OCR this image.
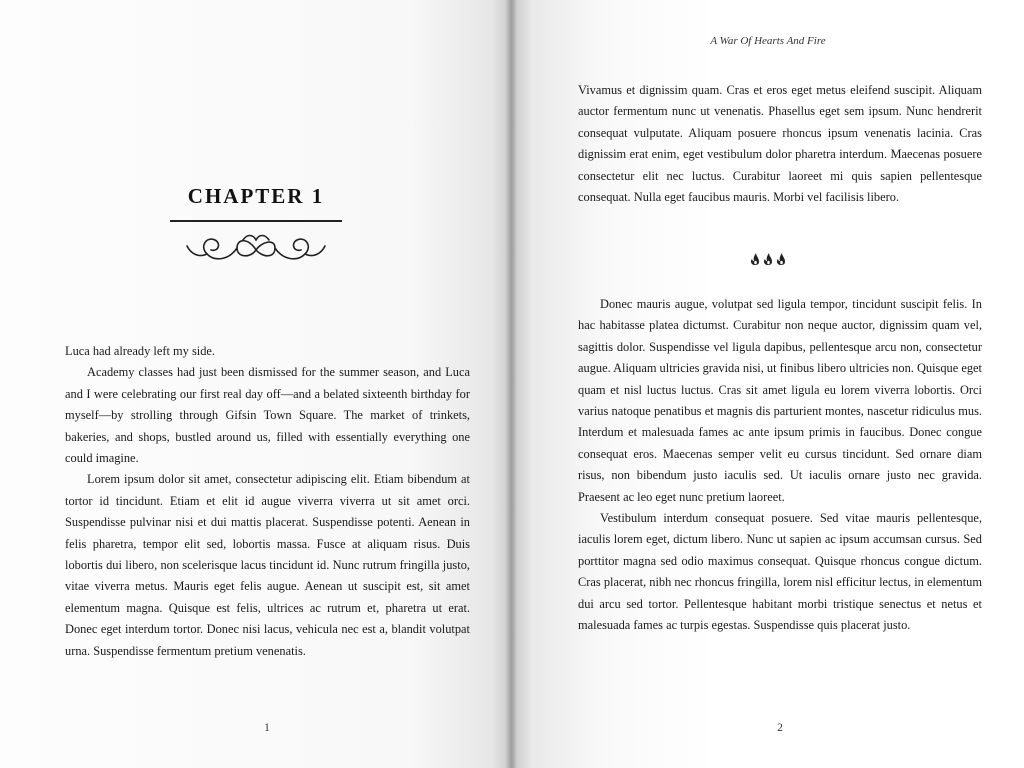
CHAPTER 1

Luca had already left my side.

Academy classes had just been dismissed for the summer season, and Luca and I were celebrating our first real day off—and a belated sixteenth birthday for myself—by strolling through Gifsin Town Square. The market of trinkets, bakeries, and shops, bustled around us, filled with essentially everything one could imagine.

Lorem ipsum dolor sit amet, consectetur adipiscing elit. Etiam bibendum at tortor id tincidunt. Etiam et elit id augue viverra viverra ut sit amet orci. Suspendisse pulvinar nisi et dui mattis placerat. Suspendisse potenti. Aenean in felis pharetra, tempor elit sed, lobortis massa. Fusce at aliquam risus. Duis lobortis dui libero, non scelerisque lacus tincidunt id. Nunc rutrum fringilla justo, vitae viverra metus. Mauris eget felis augue. Aenean ut suscipit est, sit amet elementum magna. Quisque est felis, ultrices ac rutrum et, pharetra ut erat. Donec eget interdum tortor. Donec nisi lacus, vehicula nec est a, blandit volutpat urna. Suspendisse fermentum pretium venenatis.

1
A War Of Hearts And Fire

Vivamus et dignissim quam. Cras et eros eget metus eleifend suscipit. Aliquam auctor fermentum nunc ut venenatis. Phasellus eget sem ipsum. Nunc hendrerit consequat vulputate. Aliquam posuere rhoncus ipsum venenatis lacinia. Cras dignissim erat enim, eget vestibulum dolor pharetra interdum. Maecenas posuere consectetur elit nec luctus. Curabitur laoreet mi quis sapien pellentesque consequat. Nulla eget faucibus mauris. Morbi vel facilisis libero.

Donec mauris augue, volutpat sed ligula tempor, tincidunt suscipit felis. In hac habitasse platea dictumst. Curabitur non neque auctor, dignissim quam vel, sagittis dolor. Suspendisse vel ligula dapibus, pellentesque arcu non, consectetur augue. Aliquam ultricies gravida nisi, ut finibus libero ultricies non. Quisque eget quam et nisl luctus luctus. Cras sit amet ligula eu lorem viverra lobortis. Orci varius natoque penatibus et magnis dis parturient montes, nascetur ridiculus mus. Interdum et malesuada fames ac ante ipsum primis in faucibus. Donec congue consequat eros. Maecenas semper velit eu cursus tincidunt. Sed ornare diam risus, non bibendum justo iaculis sed. Ut iaculis ornare justo nec gravida. Praesent ac leo eget nunc pretium laoreet.

Vestibulum interdum consequat posuere. Sed vitae mauris pellentesque, iaculis lorem eget, dictum libero. Nunc ut sapien ac ipsum accumsan cursus. Sed porttitor magna sed odio maximus consequat. Quisque rhoncus congue dictum. Cras placerat, nibh nec rhoncus fringilla, lorem nisl efficitur lectus, in elementum dui arcu sed tortor. Pellentesque habitant morbi tristique senectus et netus et malesuada fames ac turpis egestas. Suspendisse quis placerat justo.

2
